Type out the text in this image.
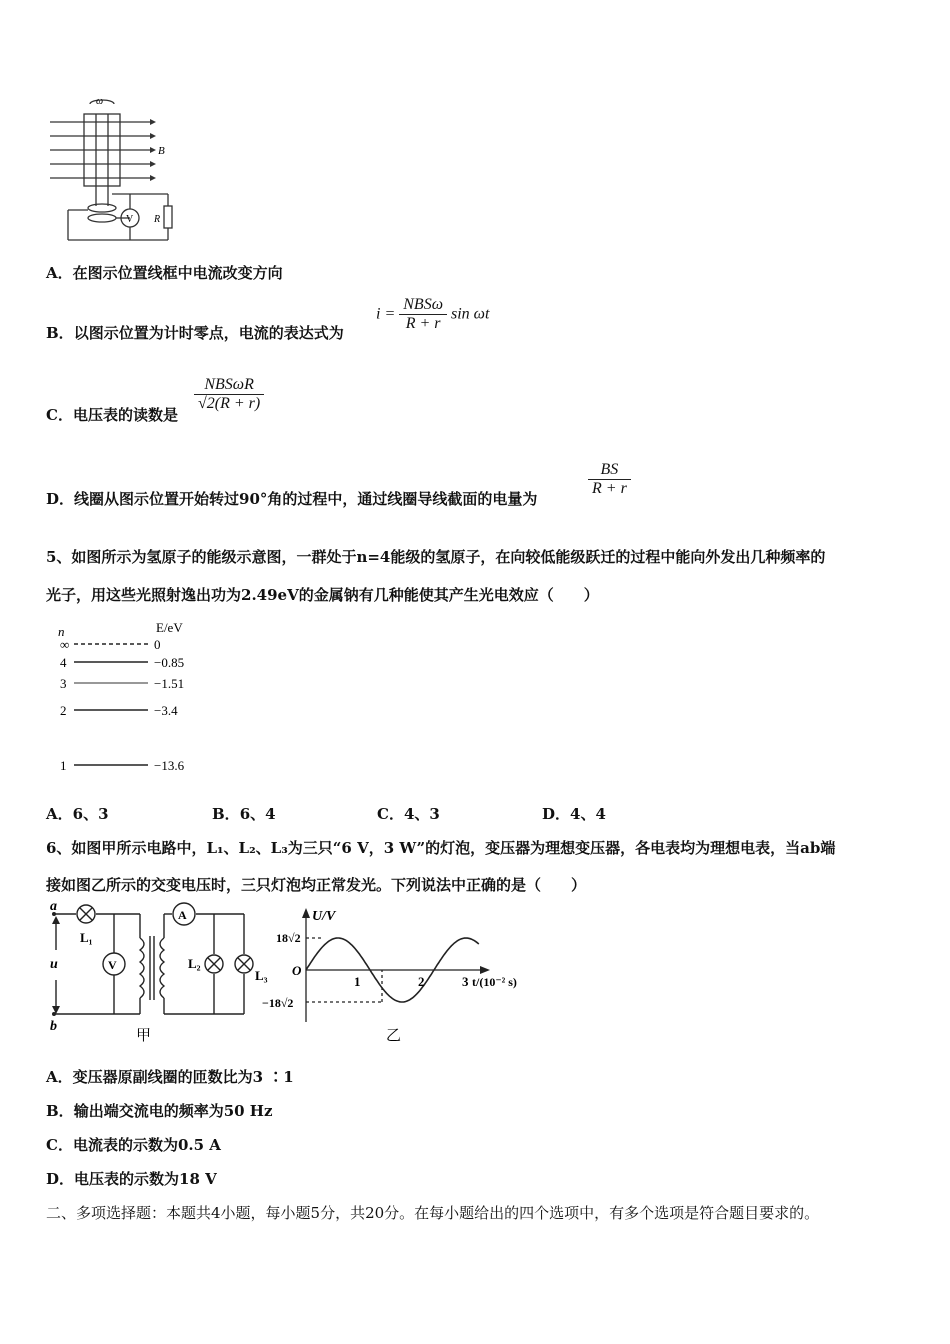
ω
B
V R
A．在图示位置线框中电流改变方向
B．以图示位置为计时零点，电流的表达式为
$i = \frac{\text{NBSω}}{R + r}$ sin ωt
C．电压表的读数是
$\frac{\text{NBSωR}}{√2(R + r)}$
D．线圈从图示位置开始转过90°角的过程中，通过线圈导线截面的电量为
$\frac{BS}{R + r}$
5、如图所示为氢原子的能级示意图，一群处于n=4能级的氢原子，在向较低能级跃迁的过程中能向外发出几种频率的
光子，用这些光照射逸出功为2.49eV的金属钠有几种能使其产生光电效应（　　）
n	E/eV
∞	0
4	−0.85
3	−1.51
2	−3.4
1	−13.6
A．6、3	B．6、4	C．4、3	D．4、4
6、如图甲所示电路中，L₁、L₂、L₃为三只“6 V，3 W”的灯泡，变压器为理想变压器，各电表均为理想电表，当ab端
接如图乙所示的交变电压时，三只灯泡均正常发光。下列说法中正确的是（　　）
a
b
u
L₁
L₂
L₃
V
A
甲
U/V
18√2
−18√2
O
1	2	3 t/(10⁻² s)
乙
A．变压器原副线圈的匝数比为3 ∶1
B．输出端交流电的频率为50 Hz
C．电流表的示数为0.5 A
D．电压表的示数为18 V
二、多项选择题：本题共4小题，每小题5分，共20分。在每小题给出的四个选项中，有多个选项是符合题目要求的。
